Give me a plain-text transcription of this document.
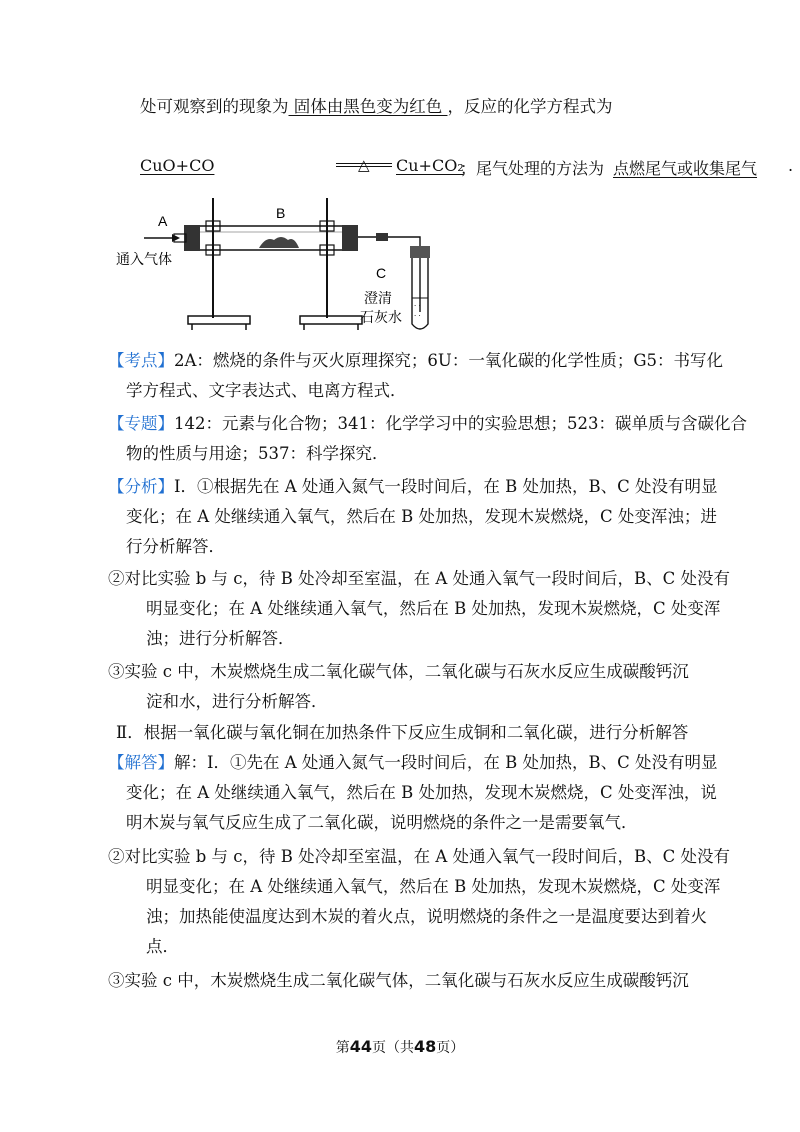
处可观察到的现象为 固体由黑色变为红色 ，反应的化学方程式为
CuO+CO	△ Cu+CO₂
；尾气处理的方法为 点燃尾气或收集尾气 .
A
通入气体
B
· ·
· ·
C
澄清
石灰水
【考点】2A：燃烧的条件与灭火原理探究；6U：一氧化碳的化学性质；G5：书写化
学方程式、文字表达式、电离方程式．
【专题】142：元素与化合物；341：化学学习中的实验思想；523：碳单质与含碳化合
物的性质与用途；537：科学探究．
【分析】Ⅰ．①根据先在 A 处通入氮气一段时间后，在 B 处加热，B、C 处没有明显
变化；在 A 处继续通入氧气，然后在 B 处加热，发现木炭燃烧，C 处变浑浊；进
行分析解答．
②对比实验 b 与 c，待 B 处冷却至室温，在 A 处通入氧气一段时间后，B、C 处没有
明显变化；在 A 处继续通入氧气，然后在 B 处加热，发现木炭燃烧，C 处变浑
浊；进行分析解答．
③实验 c 中，木炭燃烧生成二氧化碳气体，二氧化碳与石灰水反应生成碳酸钙沉
淀和水，进行分析解答．
Ⅱ．根据一氧化碳与氧化铜在加热条件下反应生成铜和二氧化碳，进行分析解答
【解答】解：Ⅰ．①先在 A 处通入氮气一段时间后，在 B 处加热，B、C 处没有明显
变化；在 A 处继续通入氧气，然后在 B 处加热，发现木炭燃烧，C 处变浑浊，说
明木炭与氧气反应生成了二氧化碳，说明燃烧的条件之一是需要氧气．
②对比实验 b 与 c，待 B 处冷却至室温，在 A 处通入氧气一段时间后，B、C 处没有
明显变化；在 A 处继续通入氧气，然后在 B 处加热，发现木炭燃烧，C 处变浑
浊；加热能使温度达到木炭的着火点，说明燃烧的条件之一是温度要达到着火
点．
③实验 c 中，木炭燃烧生成二氧化碳气体，二氧化碳与石灰水反应生成碳酸钙沉
第44页（共48页）
